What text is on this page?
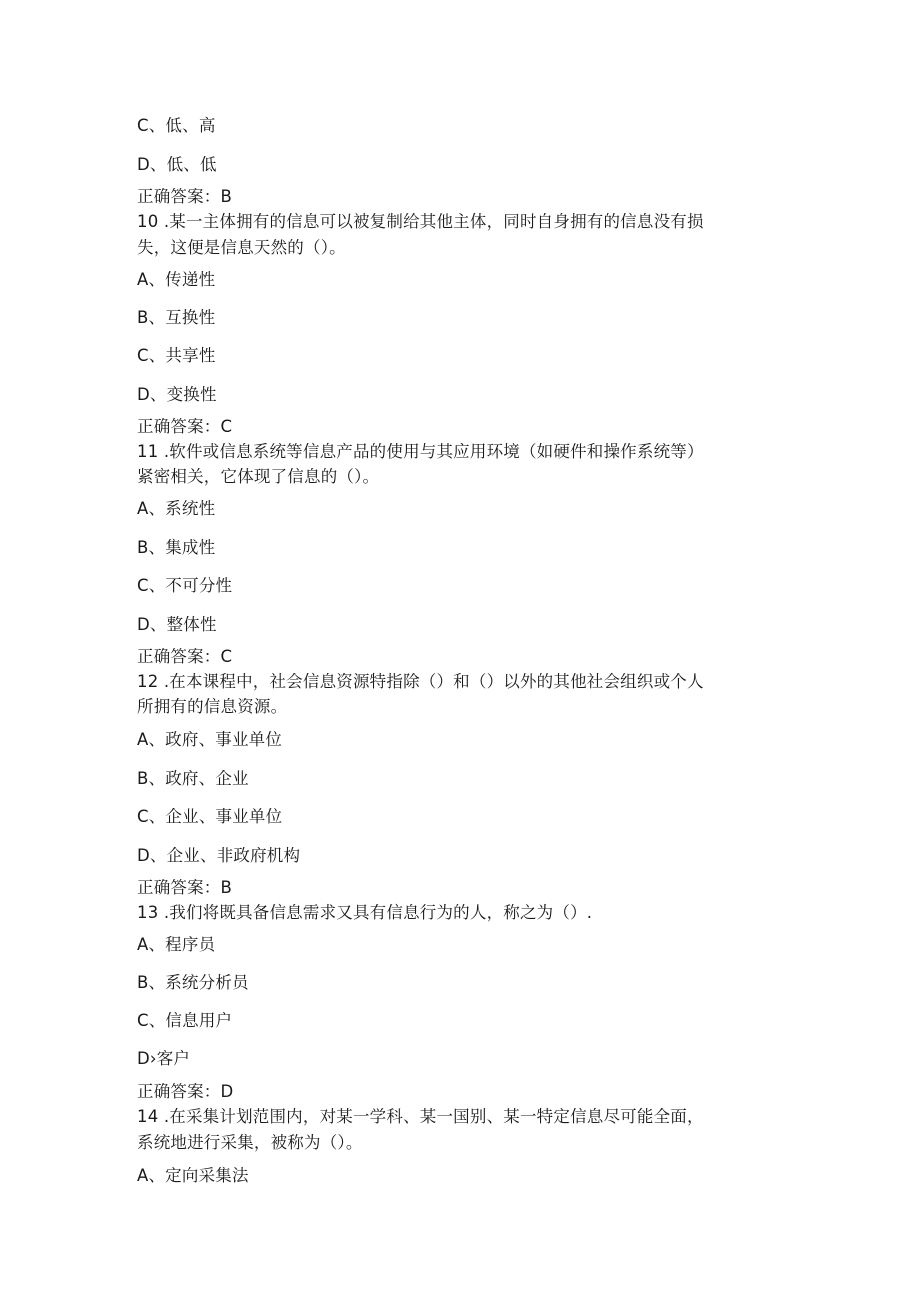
C、低、高

D、低、低

正确答案：B

10 .某一主体拥有的信息可以被复制给其他主体，同时自身拥有的信息没有损

失，这便是信息天然的（）。

A、传递性

B、互换性

C、共享性

D、变换性

正确答案：C

11 .软件或信息系统等信息产品的使用与其应用环境（如硬件和操作系统等）

紧密相关，它体现了信息的（）。

A、系统性

B、集成性

C、不可分性

D、整体性

正确答案：C

12 .在本课程中，社会信息资源特指除（）和（）以外的其他社会组织或个人

所拥有的信息资源。

A、政府、事业单位

B、政府、企业

C、企业、事业单位

D、企业、非政府机构

正确答案：B

13 .我们将既具备信息需求又具有信息行为的人，称之为（）.

A、程序员

B、系统分析员

C、信息用户

D›客户

正确答案：D

14 .在采集计划范围内，对某一学科、某一国别、某一特定信息尽可能全面，

系统地进行采集，被称为（）。

A、定向采集法
